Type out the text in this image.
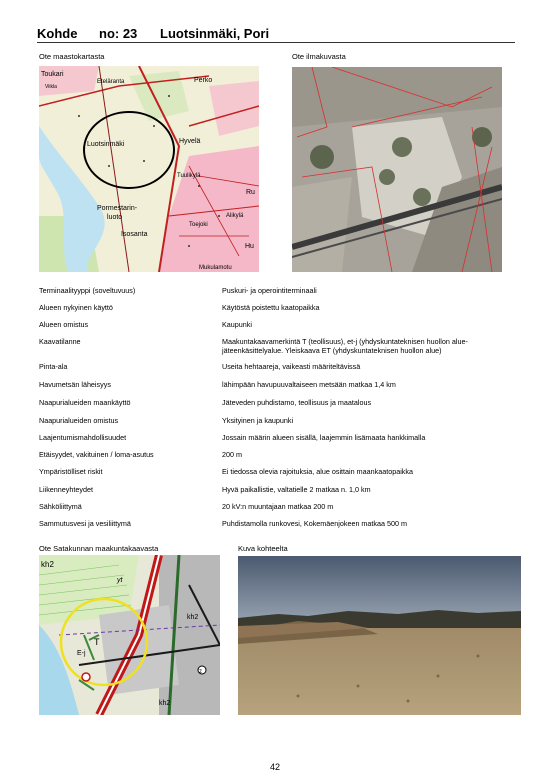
Kohde no: 23 Luotsinmäki, Pori
Ote maastokartasta	Ote ilmakuvasta
Toukari
Viikla
Eteläranta	Perko
Luotsinmäki	Hyvelä
Tuulikylä
Ru
Pormestarin-
luoto
Toejoki
Alikylä
Isosanta
Hu
Mukulamotu
Terminaalityyppi (soveltuvuus)	Puskuri- ja operointiterminaali
Alueen nykyinen käyttö	Käytöstä poistettu kaatopaikka
Alueen omistus	Kaupunki
Kaavatilanne	Maakuntakaavamerkintä T (teollisuus), et-j (yhdyskuntateknisen huollon alue-jäteenkäsittelyalue. Yleiskaava ET (yhdyskuntateknisen huollon alue)
Pinta-ala	Useita hehtaareja, vaikeasti määriteltävissä
Havumetsän läheisyys	lähimpään havupuuvaltaiseen metsään matkaa 1,4 km
Naapurialueiden maankäyttö	Jäteveden puhdistamo, teollisuus ja maatalous
Naapurialueiden omistus	Yksityinen ja kaupunki
Laajentumismahdollisuudet	Jossain määrin alueen sisällä, laajemmin lisämaata hankkimalla
Etäisyydet, vakituinen / loma-asutus	200 m
Ympäristölliset riskit	Ei tiedossa olevia rajoituksia, alue osittain maankaatopaikka
Liikenneyhteydet	Hyvä paikallistie, valtatielle 2 matkaa n. 1,0 km
Sähköliittymä	20 kV:n muuntajaan matkaa 200 m
Sammutusvesi ja vesiliittymä	Puhdistamolla runkovesi, Kokemäenjokeen matkaa 500 m
Ote Satakunnan maakuntakaavasta	Kuva kohteelta
kh2
yt
T
E-j
kh2
kh2
z
42
